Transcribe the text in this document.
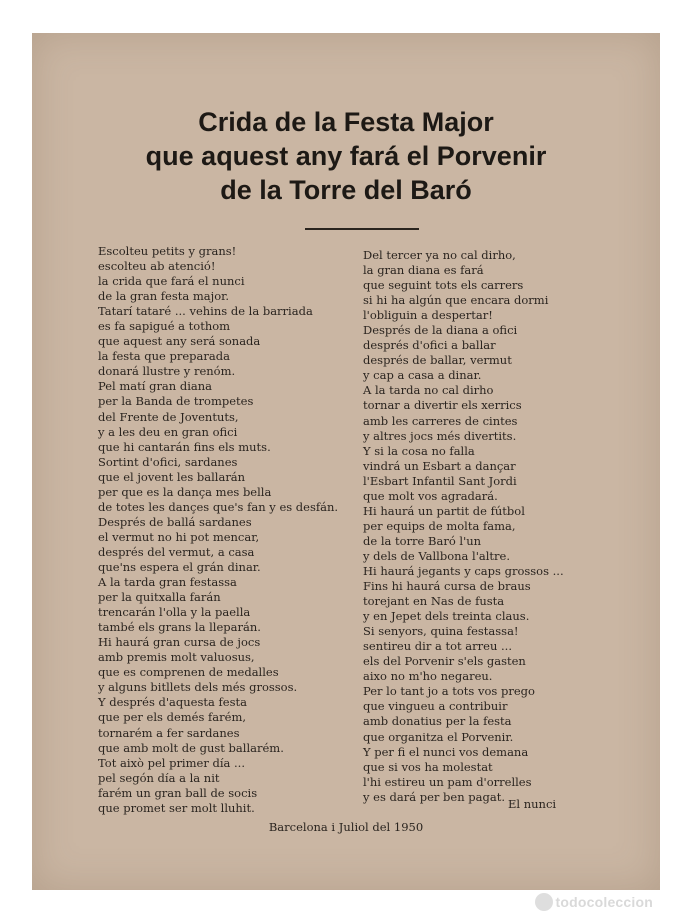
Crida de la Festa Major
que aquest any fará el Porvenir
de la Torre del Baró
Escolteu petits y grans!
escolteu ab atenció!
la crida que fará el nunci
de la gran festa major.
Tatarí tataré ... vehins de la barriada
es fa sapigué a tothom
que aquest any será sonada
la festa que preparada
donará llustre y renóm.
Pel matí gran diana
per la Banda de trompetes
del Frente de Joventuts,
y a les deu en gran ofici
que hi cantarán fins els muts.
Sortint d'ofici, sardanes
que el jovent les ballarán
per que es la dança mes bella
de totes les dançes que's fan y es desfán.
Després de ballá sardanes
el vermut no hi pot mencar,
després del vermut, a casa
que'ns espera el grán dinar.
A la tarda gran festassa
per la quitxalla farán
trencarán l'olla y la paella
també els grans la lleparán.
Hi haurá gran cursa de jocs
amb premis molt valuosus,
que es comprenen de medalles
y alguns bitllets dels més grossos.
Y després d'aquesta festa
que per els demés farém,
tornarém a fer sardanes
que amb molt de gust ballarém.
Tot això pel primer día ...
pel segón día a la nit
farém un gran ball de socis
que promet ser molt lluhit.
Del tercer ya no cal dirho,
la gran diana es fará
que seguint tots els carrers
si hi ha algún que encara dormi
l'obliguin a despertar!
Després de la diana a ofici
després d'ofici a ballar
després de ballar, vermut
y cap a casa a dinar.
A la tarda no cal dirho
tornar a divertir els xerrics
amb les carreres de cintes
y altres jocs més divertits.
Y si la cosa no falla
vindrá un Esbart a dançar
l'Esbart Infantil Sant Jordi
que molt vos agradará.
Hi haurá un partit de fútbol
per equips de molta fama,
de la torre Baró l'un
y dels de Vallbona l'altre.
Hi haurá jegants y caps grossos ...
Fins hi haurá cursa de braus
torejant en Nas de fusta
y en Jepet dels treinta claus.
Si senyors, quina festassa!
sentireu dir a tot arreu ...
els del Porvenir s'els gasten
aixo no m'ho negareu.
Per lo tant jo a tots vos prego
que vingueu a contribuir
amb donatius per la festa
que organitza el Porvenir.
Y per fi el nunci vos demana
que si vos ha molestat
l'hi estireu un pam d'orrelles
y es dará per ben pagat.
El nunci
Barcelona i Juliol del 1950
todocoleccion
